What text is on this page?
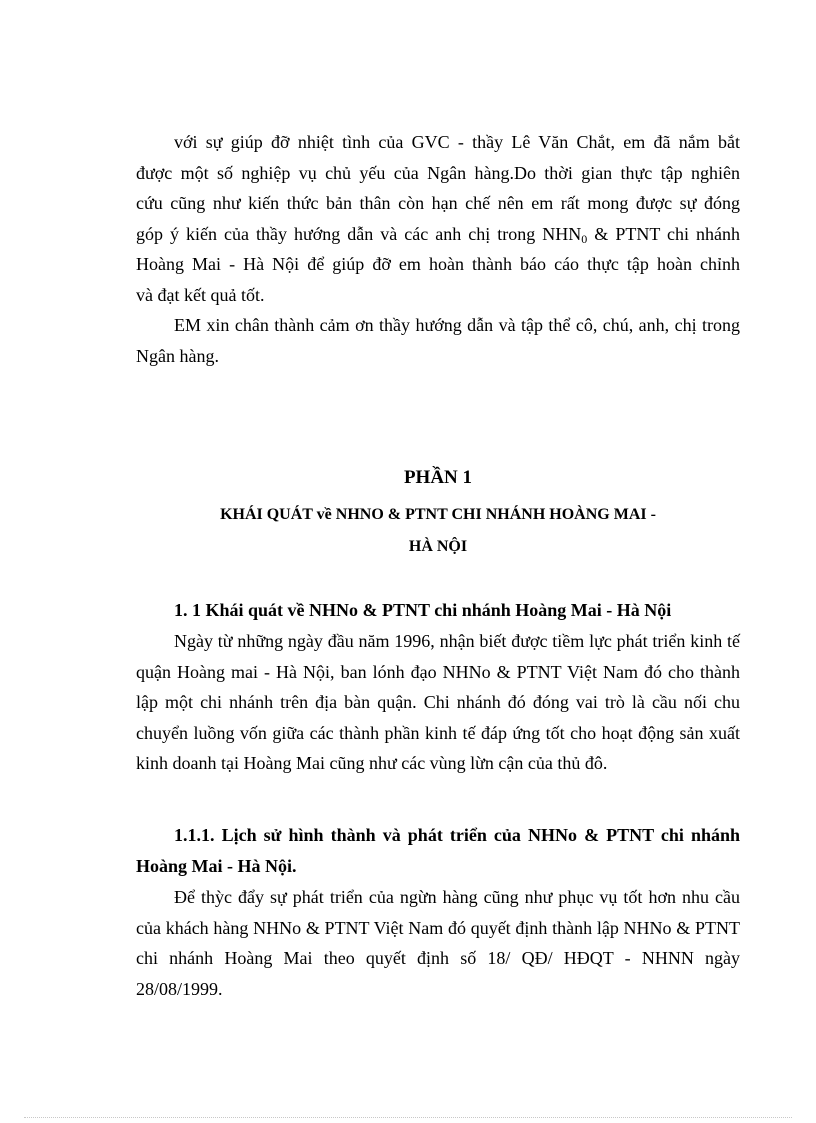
với sự giúp đỡ nhiệt tình của GVC - thầy Lê Văn Chắt, em đã nắm bắt
được một số nghiệp vụ chủ yếu của Ngân hàng.Do thời gian thực tập nghiên
cứu cũng như kiến thức bản thân còn hạn chế nên em rất mong được sự đóng
góp ý kiến của thầy hướng dẫn và các anh chị trong $NHN_0$ & PTNT chi nhánh
Hoàng Mai - Hà Nội để giúp đỡ em hoàn thành báo cáo thực tập hoàn chỉnh
và đạt kết quả tốt.
EM xin chân thành cảm ơn thầy hướng dẫn và tập thể cô, chú, anh, chị trong Ngân hàng.
PHẦN 1
KHÁI QUÁT về NHNO & PTNT CHI NHÁNH HOÀNG MAI -
HÀ NỘI
1. 1 Khái quát về NHNo & PTNT chi nhánh Hoàng Mai - Hà Nội
Ngày từ những ngày đầu năm 1996, nhận biết được tiềm lực phát triển kinh tế quận Hoàng mai - Hà Nội, ban lónh đạo NHNo & PTNT Việt Nam đó cho thành lập một chi nhánh trên địa bàn quận. Chi nhánh đó đóng vai trò là cầu nối chu chuyển luồng vốn giữa các thành phần kinh tế đáp ứng tốt cho hoạt động sản xuất kinh doanh tại Hoàng Mai cũng như các vùng lừn cận của thủ đô.
1.1.1. Lịch sử hình thành và phát triển của NHNo & PTNT chi nhánh Hoàng Mai - Hà Nội.
Để thỳc đẩy sự phát triển của ngừn hàng cũng như phục vụ tốt hơn nhu cầu của khách hàng NHNo & PTNT Việt Nam đó quyết định thành lập NHNo & PTNT chi nhánh Hoàng Mai theo quyết định số 18/ QĐ/ HĐQT - NHNN ngày 28/08/1999.
